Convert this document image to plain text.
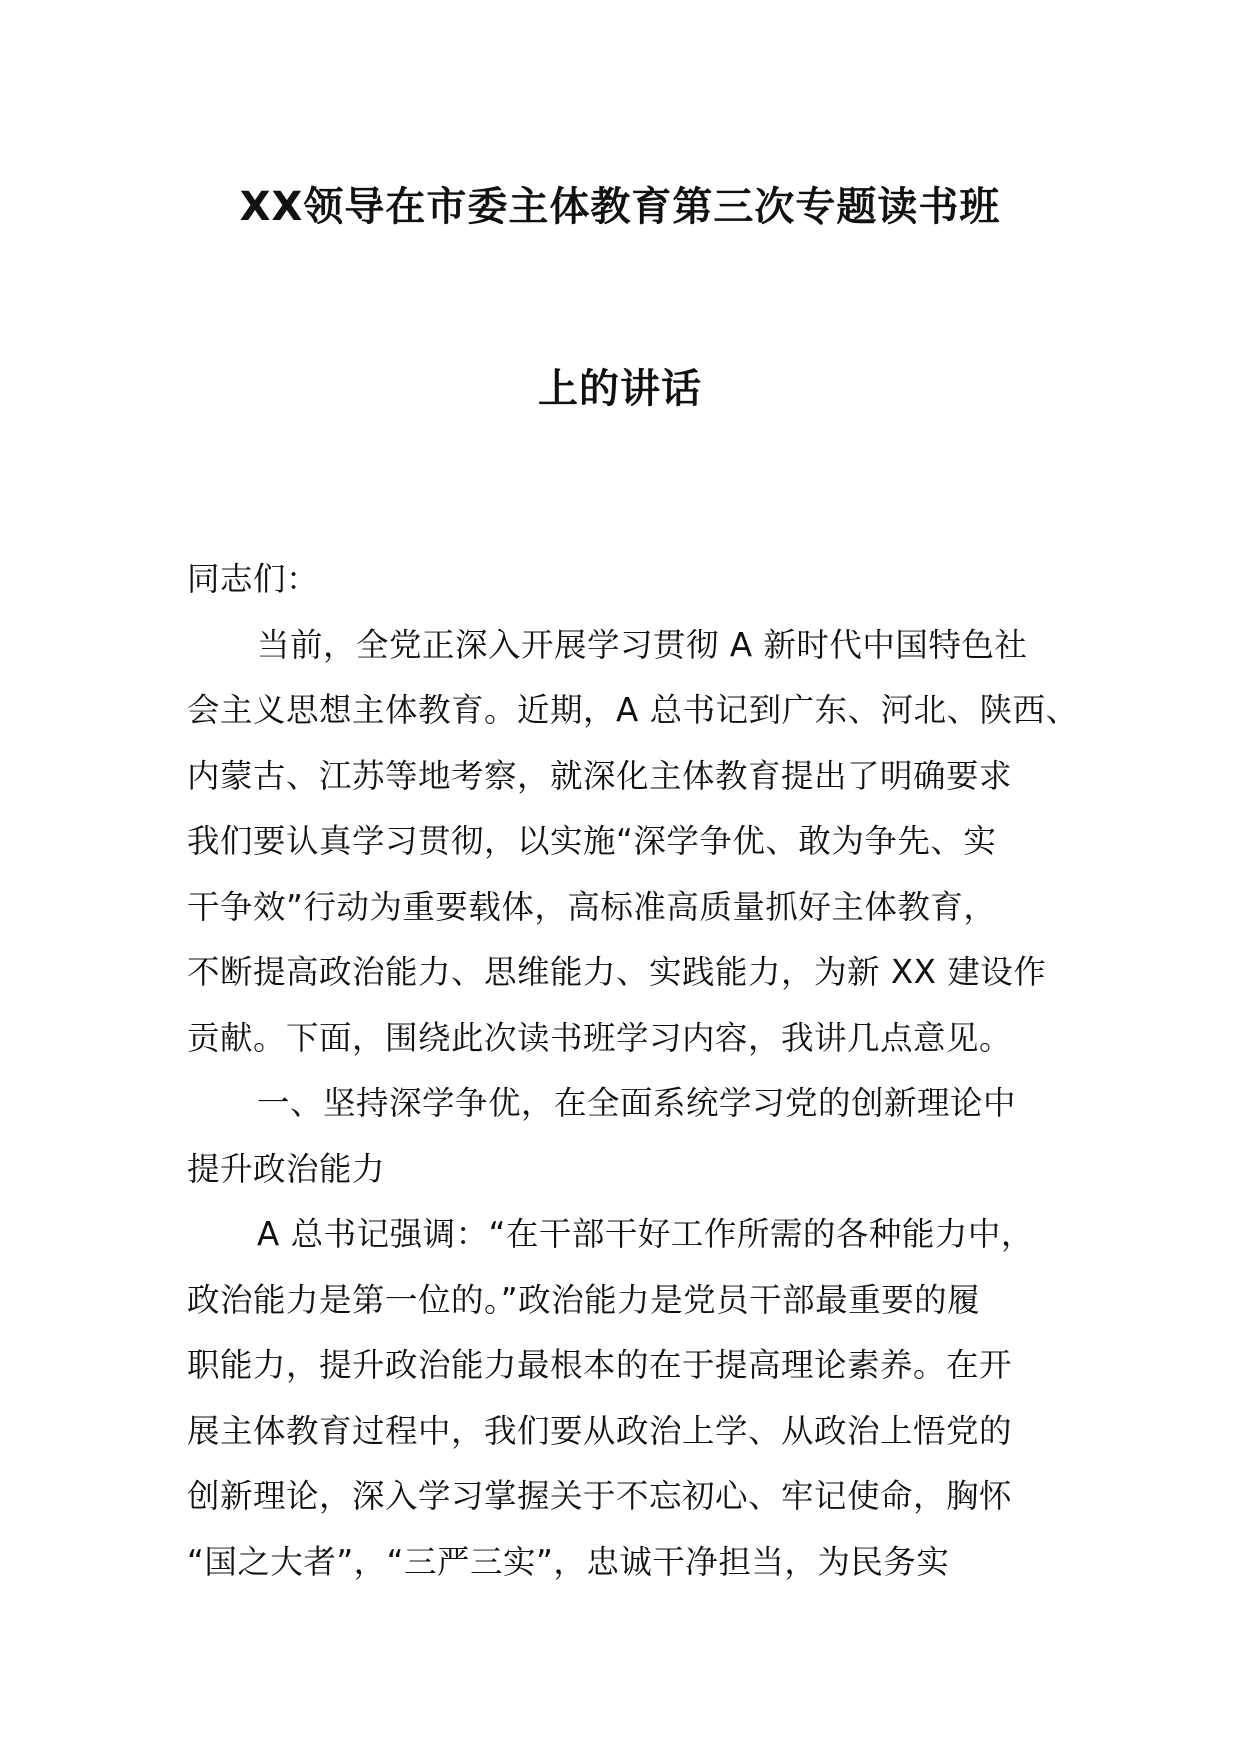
XX领导在市委主体教育第三次专题读书班
上的讲话
同志们：
当前，全党正深入开展学习贯彻 A 新时代中国特色社
会主义思想主体教育。近期，A 总书记到广东、河北、陕西、
内蒙古、江苏等地考察，就深化主体教育提出了明确要求
我们要认真学习贯彻，以实施“深学争优、敢为争先、实
干争效”行动为重要载体，高标准高质量抓好主体教育，
不断提高政治能力、思维能力、实践能力，为新 XX 建设作
贡献。下面，围绕此次读书班学习内容，我讲几点意见。
一、坚持深学争优，在全面系统学习党的创新理论中
提升政治能力
A 总书记强调：“在干部干好工作所需的各种能力中，
政治能力是第一位的。”政治能力是党员干部最重要的履
职能力，提升政治能力最根本的在于提高理论素养。在开
展主体教育过程中，我们要从政治上学、从政治上悟党的
创新理论，深入学习掌握关于不忘初心、牢记使命，胸怀
“国之大者”，“三严三实”，忠诚干净担当，为民务实
